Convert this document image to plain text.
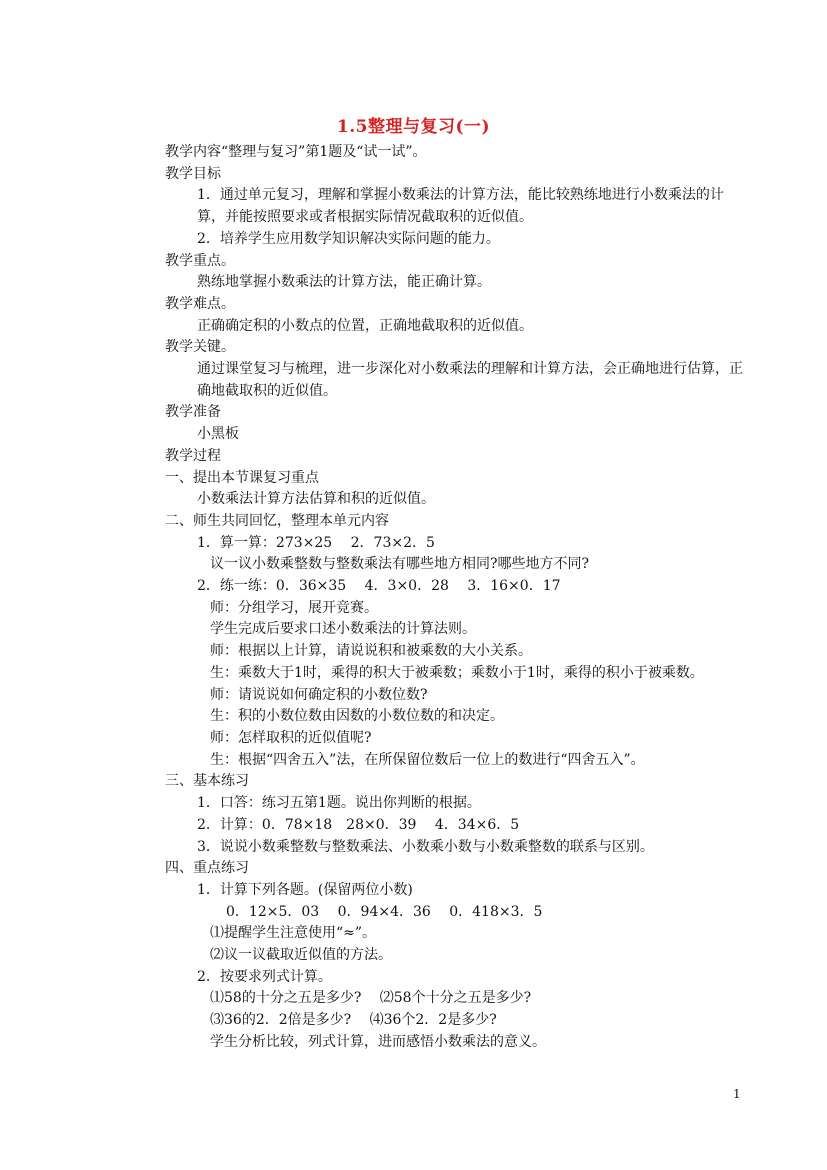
1.5整理与复习(一)
教学内容“整理与复习”第1题及“试一试”。
教学目标
1．通过单元复习，理解和掌握小数乘法的计算方法，能比较熟练地进行小数乘法的计算，并能按照要求或者根据实际情况截取积的近似值。
2．培养学生应用数学知识解决实际问题的能力。
教学重点。
熟练地掌握小数乘法的计算方法，能正确计算。
教学难点。
正确确定积的小数点的位置，正确地截取积的近似值。
教学关键。
通过课堂复习与梳理，进一步深化对小数乘法的理解和计算方法，会正确地进行估算，正确地截取积的近似值。
教学准备
小黑板
教学过程
一、提出本节课复习重点
小数乘法计算方法估算和积的近似值。
二、师生共同回忆，整理本单元内容
1．算一算：273×25　 2．73×2．5
议一议小数乘整数与整数乘法有哪些地方相同?哪些地方不同?
2．练一练：0．36×35　 4．3×0．28　 3．16×0．17
师：分组学习，展开竞赛。
学生完成后要求口述小数乘法的计算法则。
师：根据以上计算，请说说积和被乘数的大小关系。
生：乘数大于1时，乘得的积大于被乘数；乘数小于1时，乘得的积小于被乘数。
师：请说说如何确定积的小数位数?
生：积的小数位数由因数的小数位数的和决定。
师：怎样取积的近似值呢?
生：根据“四舍五入”法，在所保留位数后一位上的数进行“四舍五入”。
三、基本练习
1．口答：练习五第1题。说出你判断的根据。
2．计算：0．78×18　28×0．39　 4．34×6．5
3．说说小数乘整数与整数乘法、小数乘小数与小数乘整数的联系与区别。
四、重点练习
1．计算下列各题。(保留两位小数)
0．12×5．03　 0．94×4．36　 0．418×3．5
⑴提醒学生注意使用“≈”。
⑵议一议截取近似值的方法。
2．按要求列式计算。
⑴58的十分之五是多少?　 ⑵58个十分之五是多少?
⑶36的2．2倍是多少?　 ⑷36个2．2是多少?
学生分析比较，列式计算，进而感悟小数乘法的意义。
1
